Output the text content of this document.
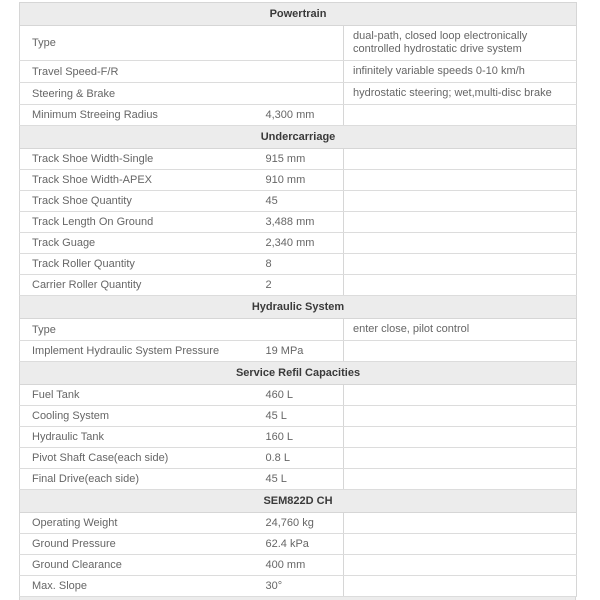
Powertrain		
Type		dual-path, closed loop electronically controlled hydrostatic drive system

Travel Speed-F/R		infinitely variable speeds 0-10 km/h

Steering & Brake		hydrostatic steering; wet,multi-disc brake

Minimum Streeing Radius	4,300 mm	

Undercarriage		
Track Shoe Width-Single	915 mm	

Track Shoe Width-APEX	910 mm	

Track Shoe Quantity	45	

Track Length On Ground	3,488 mm	

Track Guage	2,340 mm	

Track Roller Quantity	8	

Carrier Roller Quantity	2	

Hydraulic System		
Type		enter close, pilot control

Implement Hydraulic System Pressure	19 MPa	

Service Refil Capacities		
Fuel Tank	460 L	

Cooling System	45 L	

Hydraulic Tank	160 L	

Pivot Shaft Case(each side)	0.8 L	

Final Drive(each side)	45 L	

SEM822D CH		
Operating Weight	24,760 kg	

Ground Pressure	62.4 kPa	

Ground Clearance	400 mm	

Max. Slope	30°	
